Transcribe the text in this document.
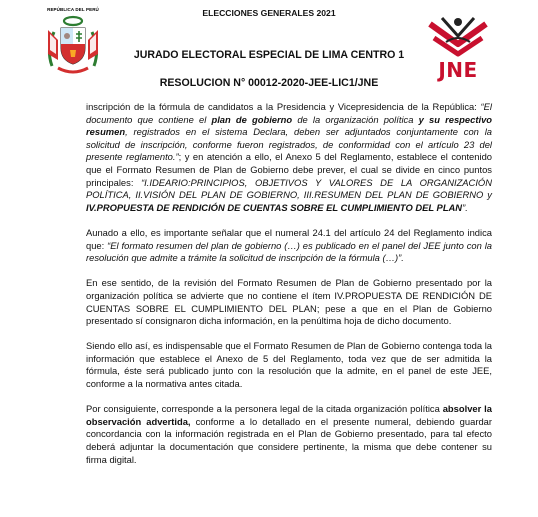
REPÚBLICA DEL PERÚ	ELECCIONES GENERALES 2021
JURADO ELECTORAL ESPECIAL DE LIMA CENTRO 1
RESOLUCION N° 00012-2020-JEE-LIC1/JNE
JNE

inscripción de la fórmula de candidatos a la Presidencia y Vicepresidencia de la República: “El documento que contiene el plan de gobierno de la organización política y su respectivo resumen, registrados en el sistema Declara, deben ser adjuntados conjuntamente con la solicitud de inscripción, conforme fueron registrados, de conformidad con el artículo 23 del presente reglamento.”; y en atención a ello, el Anexo 5 del Reglamento, establece el contenido que el Formato Resumen de Plan de Gobierno debe prever, el cual se divide en cinco puntos principales: “I.IDEARIO:PRINCIPIOS, OBJETIVOS Y VALORES DE LA ORGANIZACIÓN POLÍTICA, II.VISIÓN DEL PLAN DE GOBIERNO, III.RESUMEN DEL PLAN DE GOBIERNO y IV.PROPUESTA DE RENDICIÓN DE CUENTAS SOBRE EL CUMPLIMIENTO DEL PLAN”.

Aunado a ello, es importante señalar que el numeral 24.1 del artículo 24 del Reglamento indica que: “El formato resumen del plan de gobierno (…) es publicado en el panel del JEE junto con la resolución que admite a trámite la solicitud de inscripción de la fórmula (…)”.

En ese sentido, de la revisión del Formato Resumen de Plan de Gobierno presentado por la organización política se advierte que no contiene el ítem IV.PROPUESTA DE RENDICIÓN DE CUENTAS SOBRE EL CUMPLIMIENTO DEL PLAN; pese a que en el Plan de Gobierno presentado sí consignaron dicha información, en la penúltima hoja de dicho documento.

Siendo ello así, es indispensable que el Formato Resumen de Plan de Gobierno contenga toda la información que establece el Anexo de 5 del Reglamento, toda vez que de ser admitida la fórmula, éste será publicado junto con la resolución que la admite, en el panel de este JEE, conforme a la normativa antes citada.

Por consiguiente, corresponde a la personera legal de la citada organización política absolver la observación advertida, conforme a lo detallado en el presente numeral, debiendo guardar concordancia con la información registrada en el Plan de Gobierno presentado, para tal efecto deberá adjuntar la documentación que considere pertinente, la misma que debe contener su firma digital.
